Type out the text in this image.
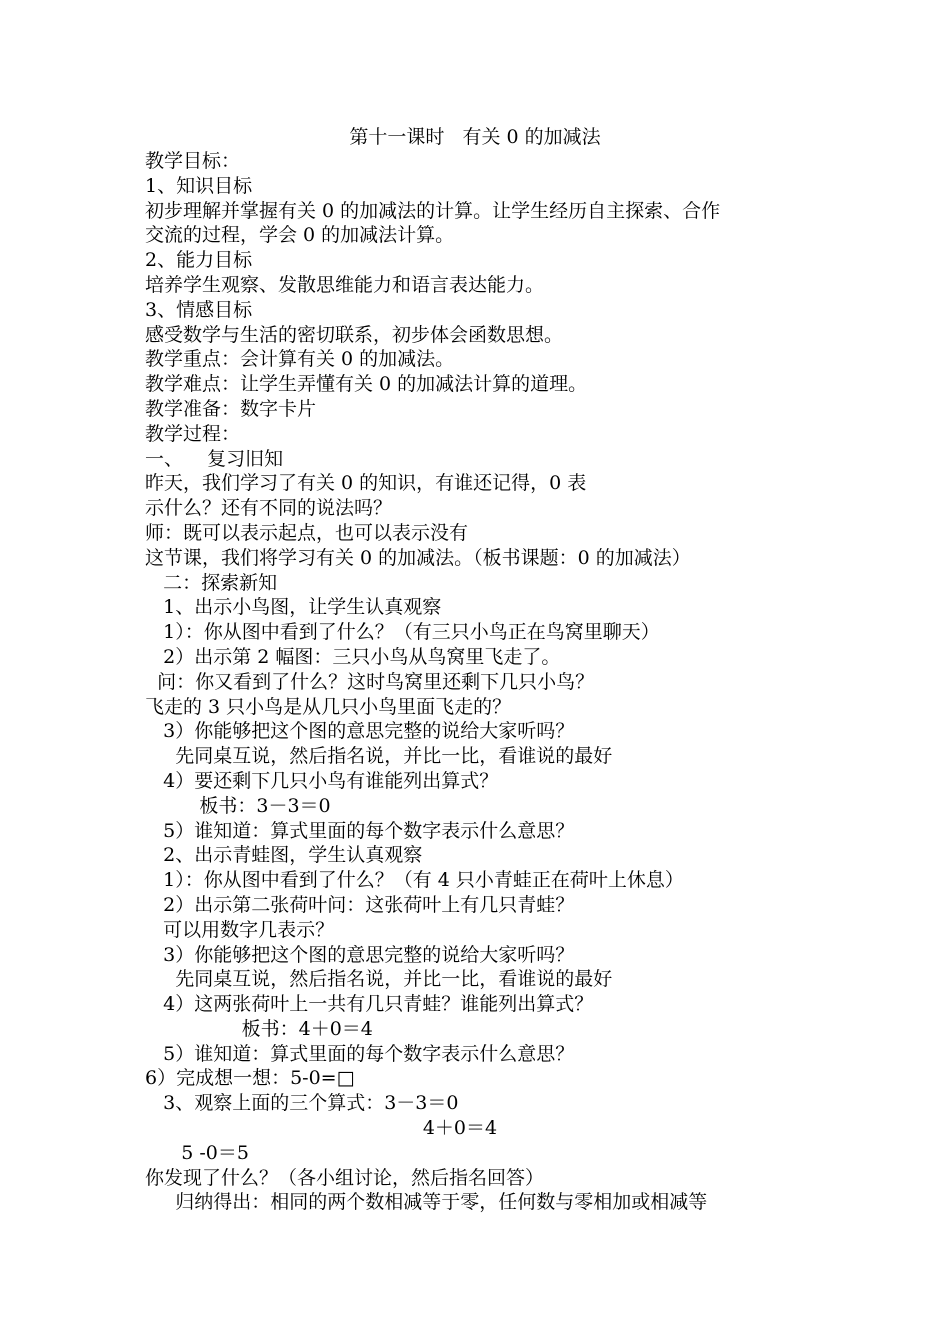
第十一课时   有关 0 的加减法
教学目标：
1、知识目标
初步理解并掌握有关 0 的加减法的计算。让学生经历自主探索、合作
交流的过程，学会 0 的加减法计算。
2、能力目标
培养学生观察、发散思维能力和语言表达能力。
3、情感目标
感受数学与生活的密切联系，初步体会函数思想。
教学重点：会计算有关 0 的加减法。
教学难点：让学生弄懂有关 0 的加减法计算的道理。
教学准备：数字卡片
教学过程：
一、    复习旧知
昨天，我们学习了有关 0 的知识，有谁还记得，0 表
示什么？还有不同的说法吗？
师：既可以表示起点，也可以表示没有
这节课，我们将学习有关 0 的加减法。（板书课题：0 的加减法）
二：探索新知
1、出示小鸟图，让学生认真观察
1）：你从图中看到了什么？（有三只小鸟正在鸟窝里聊天）
2）出示第 2 幅图：三只小鸟从鸟窝里飞走了。
问：你又看到了什么？这时鸟窝里还剩下几只小鸟？
飞走的 3 只小鸟是从几只小鸟里面飞走的？
3）你能够把这个图的意思完整的说给大家听吗？
先同桌互说，然后指名说，并比一比，看谁说的最好
4）要还剩下几只小鸟有谁能列出算式？
板书：3－3＝0
5）谁知道：算式里面的每个数字表示什么意思？
2、出示青蛙图，学生认真观察
1）：你从图中看到了什么？（有 4 只小青蛙正在荷叶上休息）
2）出示第二张荷叶问：这张荷叶上有几只青蛙？
可以用数字几表示？
3）你能够把这个图的意思完整的说给大家听吗？
先同桌互说，然后指名说，并比一比，看谁说的最好
4）这两张荷叶上一共有几只青蛙？谁能列出算式？
板书：4＋0＝4
5）谁知道：算式里面的每个数字表示什么意思？
6）完成想一想：5-0=□
3、观察上面的三个算式：3－3＝0
4＋0＝4
5 -0＝5
你发现了什么？（各小组讨论，然后指名回答）
归纳得出：相同的两个数相减等于零，任何数与零相加或相减等
